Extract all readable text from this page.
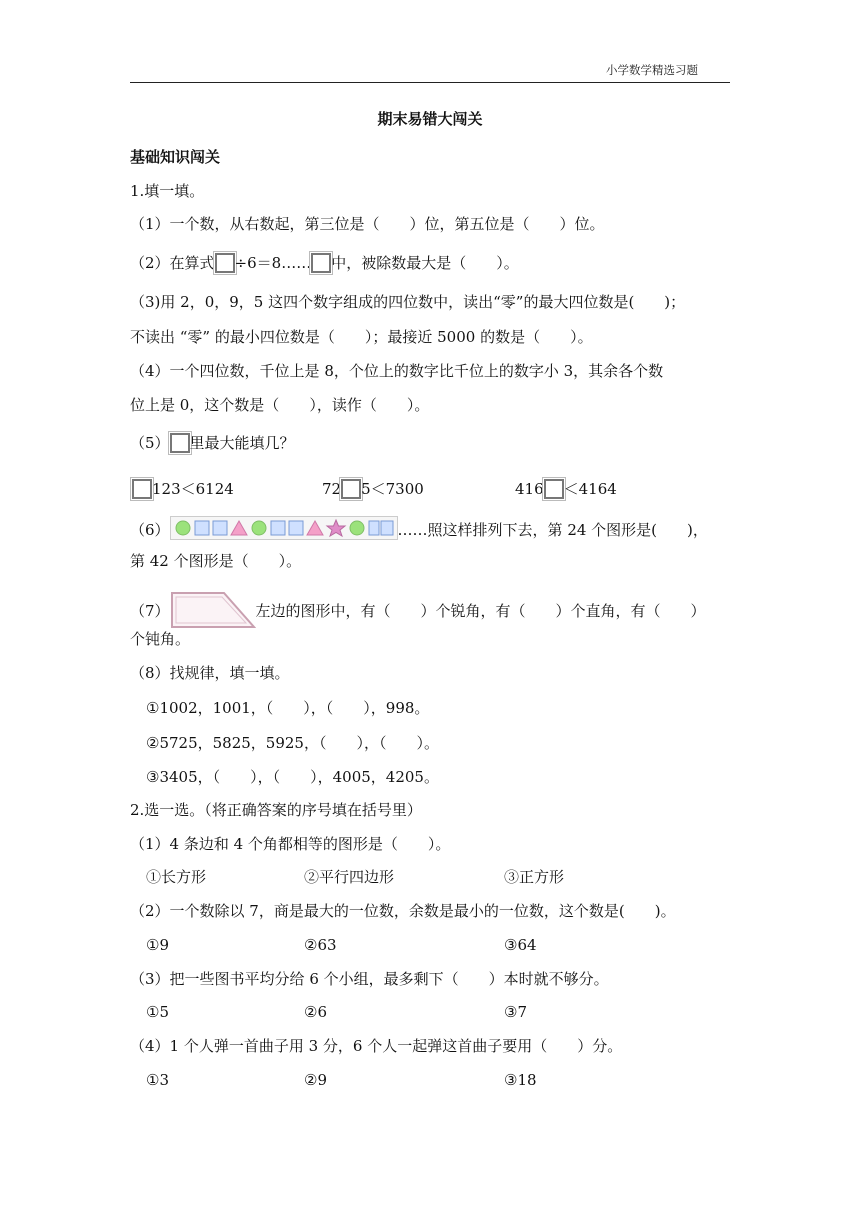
小学数学精选习题
期末易错大闯关
基础知识闯关
1.填一填。
（1）一个数，从右数起，第三位是（　　）位，第五位是（　　）位。
（2）在算式 ÷6＝8…… 中，被除数最大是（　　）。
（3)用 2，0，9，5 这四个数字组成的四位数中，读出“零”的最大四位数是(　　)；
不读出 “零” 的最小四位数是（　　）；最接近 5000 的数是（　　）。
（4）一个四位数，千位上是 8，个位上的数字比千位上的数字小 3，其余各个数
位上是 0，这个数是（　　），读作（　　）。
（5） 里最大能填几？
123＜6124	72 5＜7300	416 ＜4164
（6）	……照这样排列下去，第 24 个图形是(　　)，
第 42 个图形是（　　）。
（7）	左边的图形中，有（　　）个锐角，有（　　）个直角，有（　　）
个钝角。
（8）找规律，填一填。
①1002，1001，（　　），（　　），998。
②5725，5825，5925，（　　），（　　）。
③3405，（　　），（　　），4005，4205。
2.选一选。（将正确答案的序号填在括号里）
（1）4 条边和 4 个角都相等的图形是（　　）。
①长方形	②平行四边形	③正方形
（2）一个数除以 7，商是最大的一位数，余数是最小的一位数，这个数是(　　)。
①9	②63	③64
（3）把一些图书平均分给 6 个小组，最多剩下（　　）本时就不够分。
①5	②6	③7
（4）1 个人弹一首曲子用 3 分，6 个人一起弹这首曲子要用（　　）分。
①3	②9	③18
